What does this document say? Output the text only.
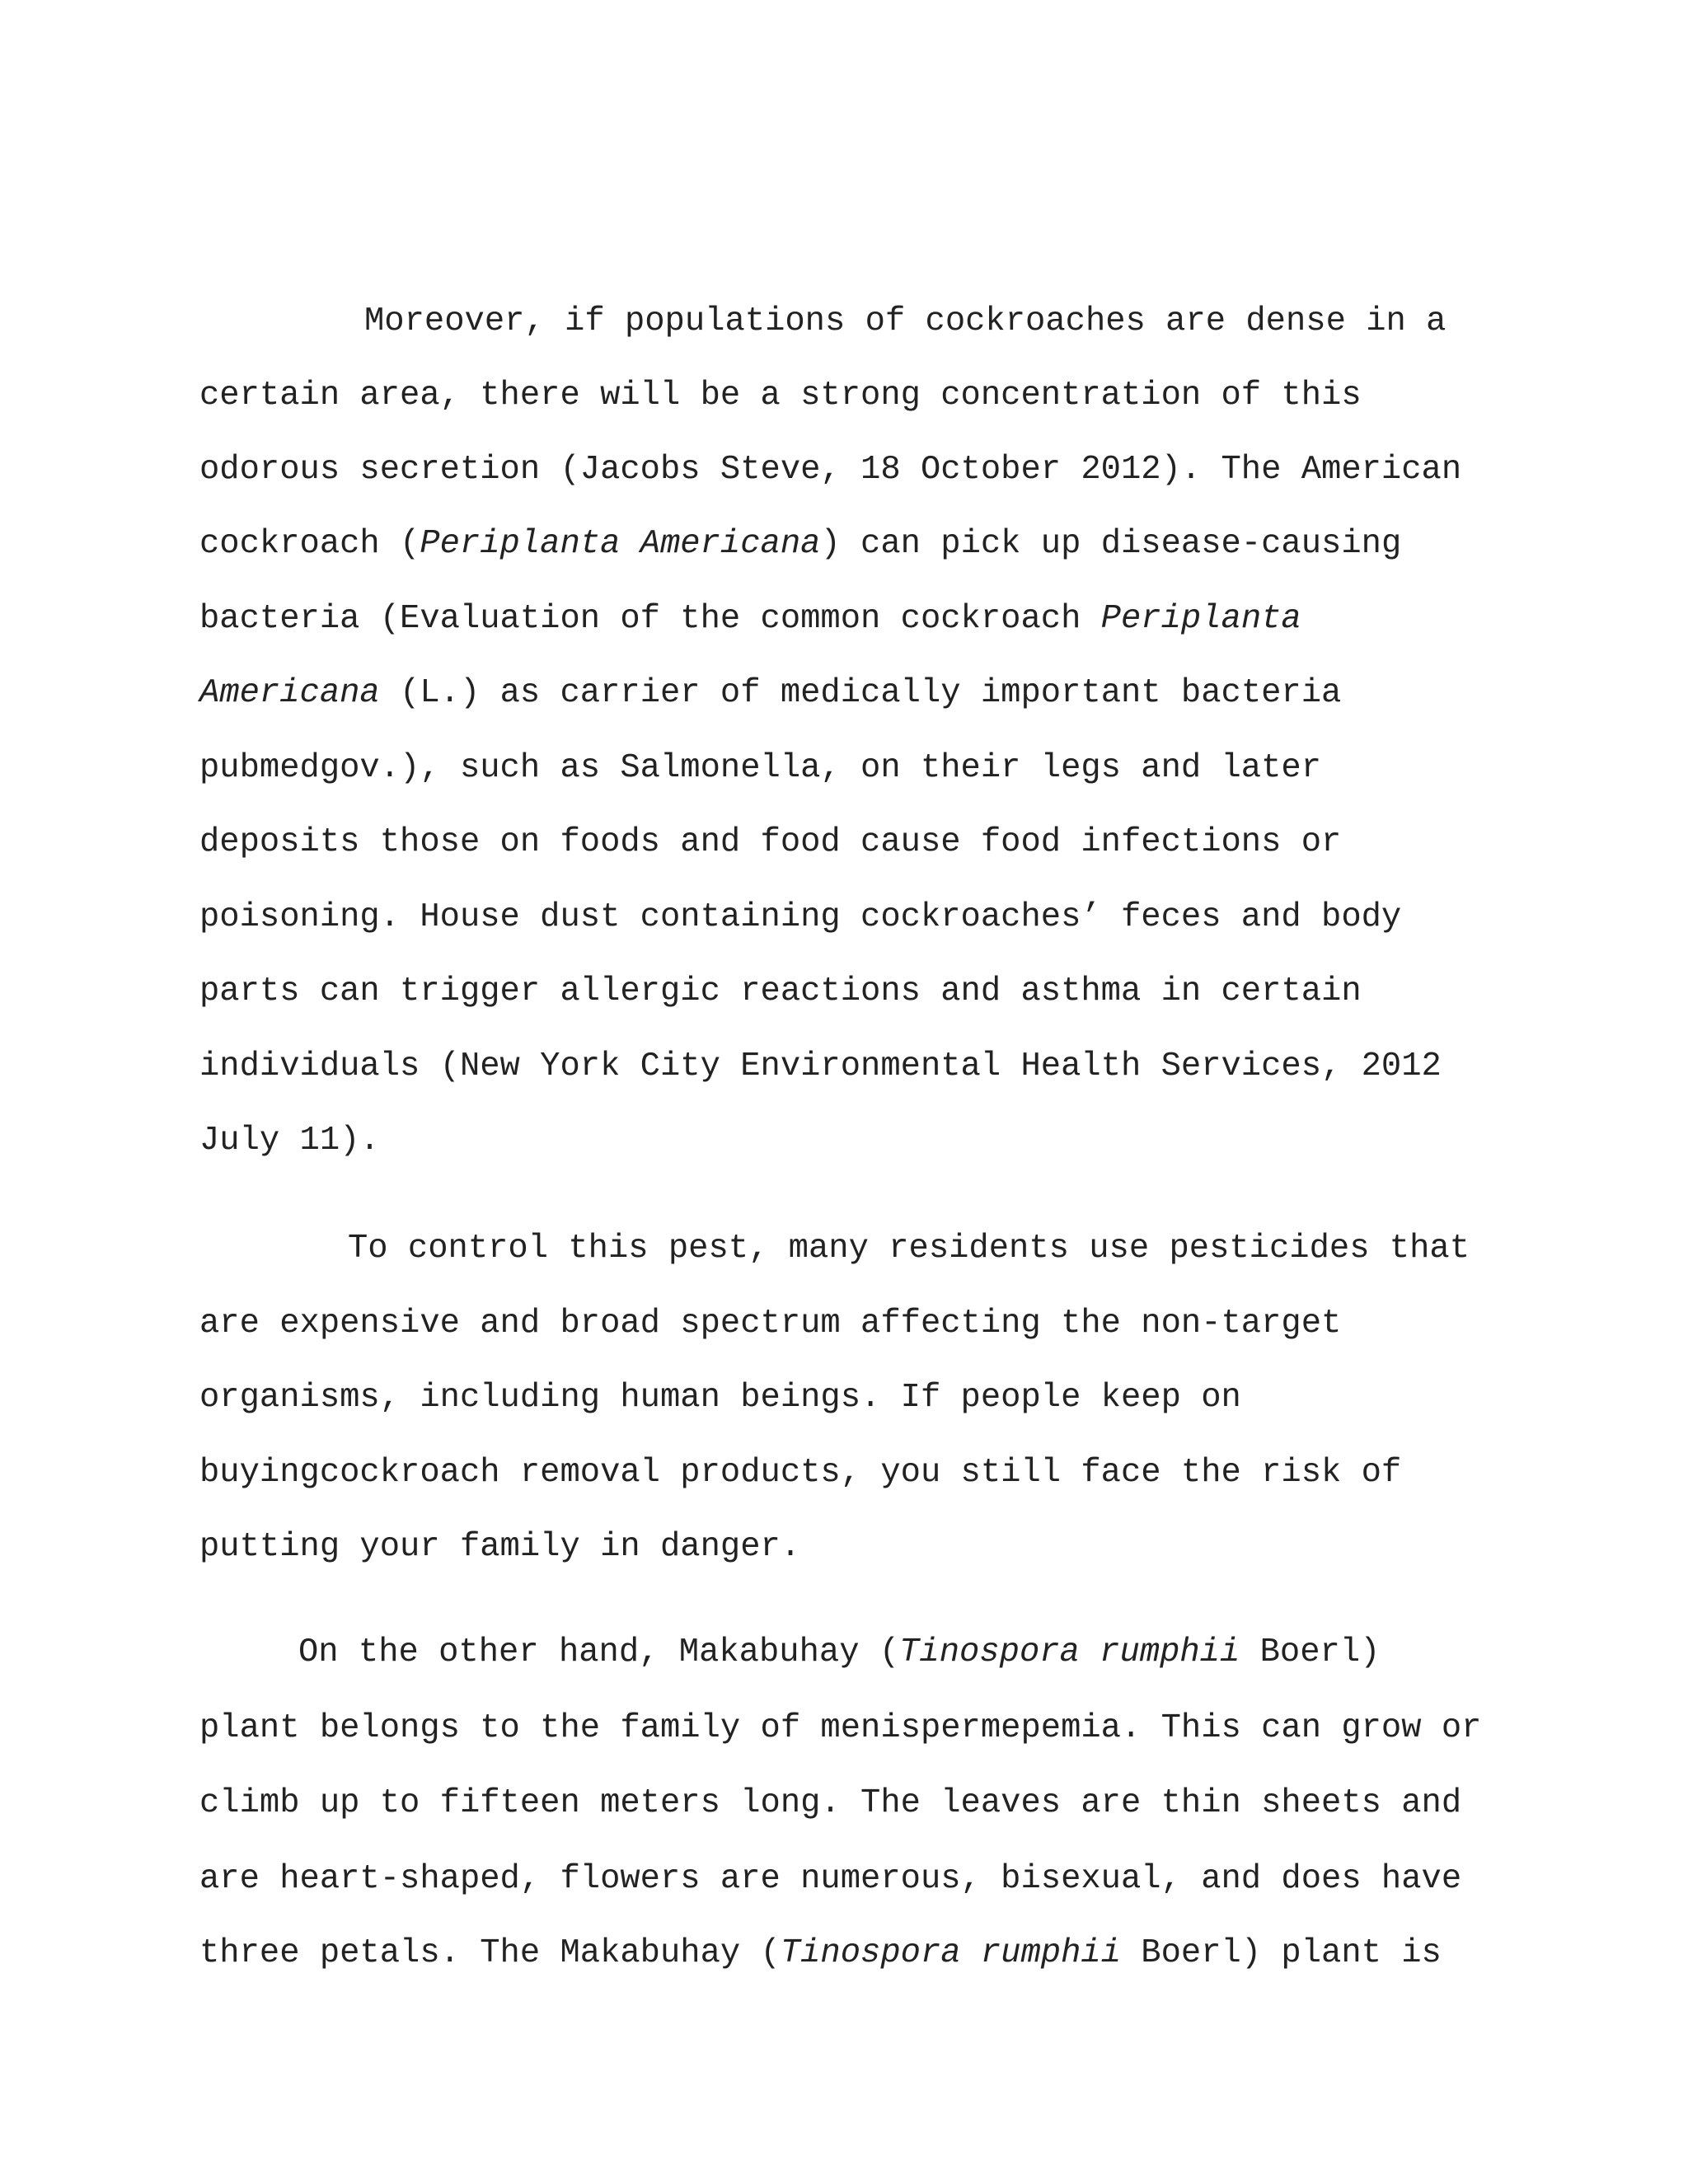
Moreover, if populations of cockroaches are dense in a

certain area, there will be a strong concentration of this

odorous secretion (Jacobs Steve, 18 October 2012). The American

cockroach (Periplanta Americana) can pick up disease-causing

bacteria (Evaluation of the common cockroach Periplanta

Americana (L.) as carrier of medically important bacteria

pubmedgov.), such as Salmonella, on their legs and later

deposits those on foods and food cause food infections or

poisoning. House dust containing cockroaches’ feces and body

parts can trigger allergic reactions and asthma in certain

individuals (New York City Environmental Health Services, 2012

July 11).

To control this pest, many residents use pesticides that

are expensive and broad spectrum affecting the non-target

organisms, including human beings. If people keep on

buyingcockroach removal products, you still face the risk of

putting your family in danger.

On the other hand, Makabuhay (Tinospora rumphii Boerl)

plant belongs to the family of menispermepemia. This can grow or

climb up to fifteen meters long. The leaves are thin sheets and

are heart-shaped, flowers are numerous, bisexual, and does have

three petals. The Makabuhay (Tinospora rumphii Boerl) plant is
